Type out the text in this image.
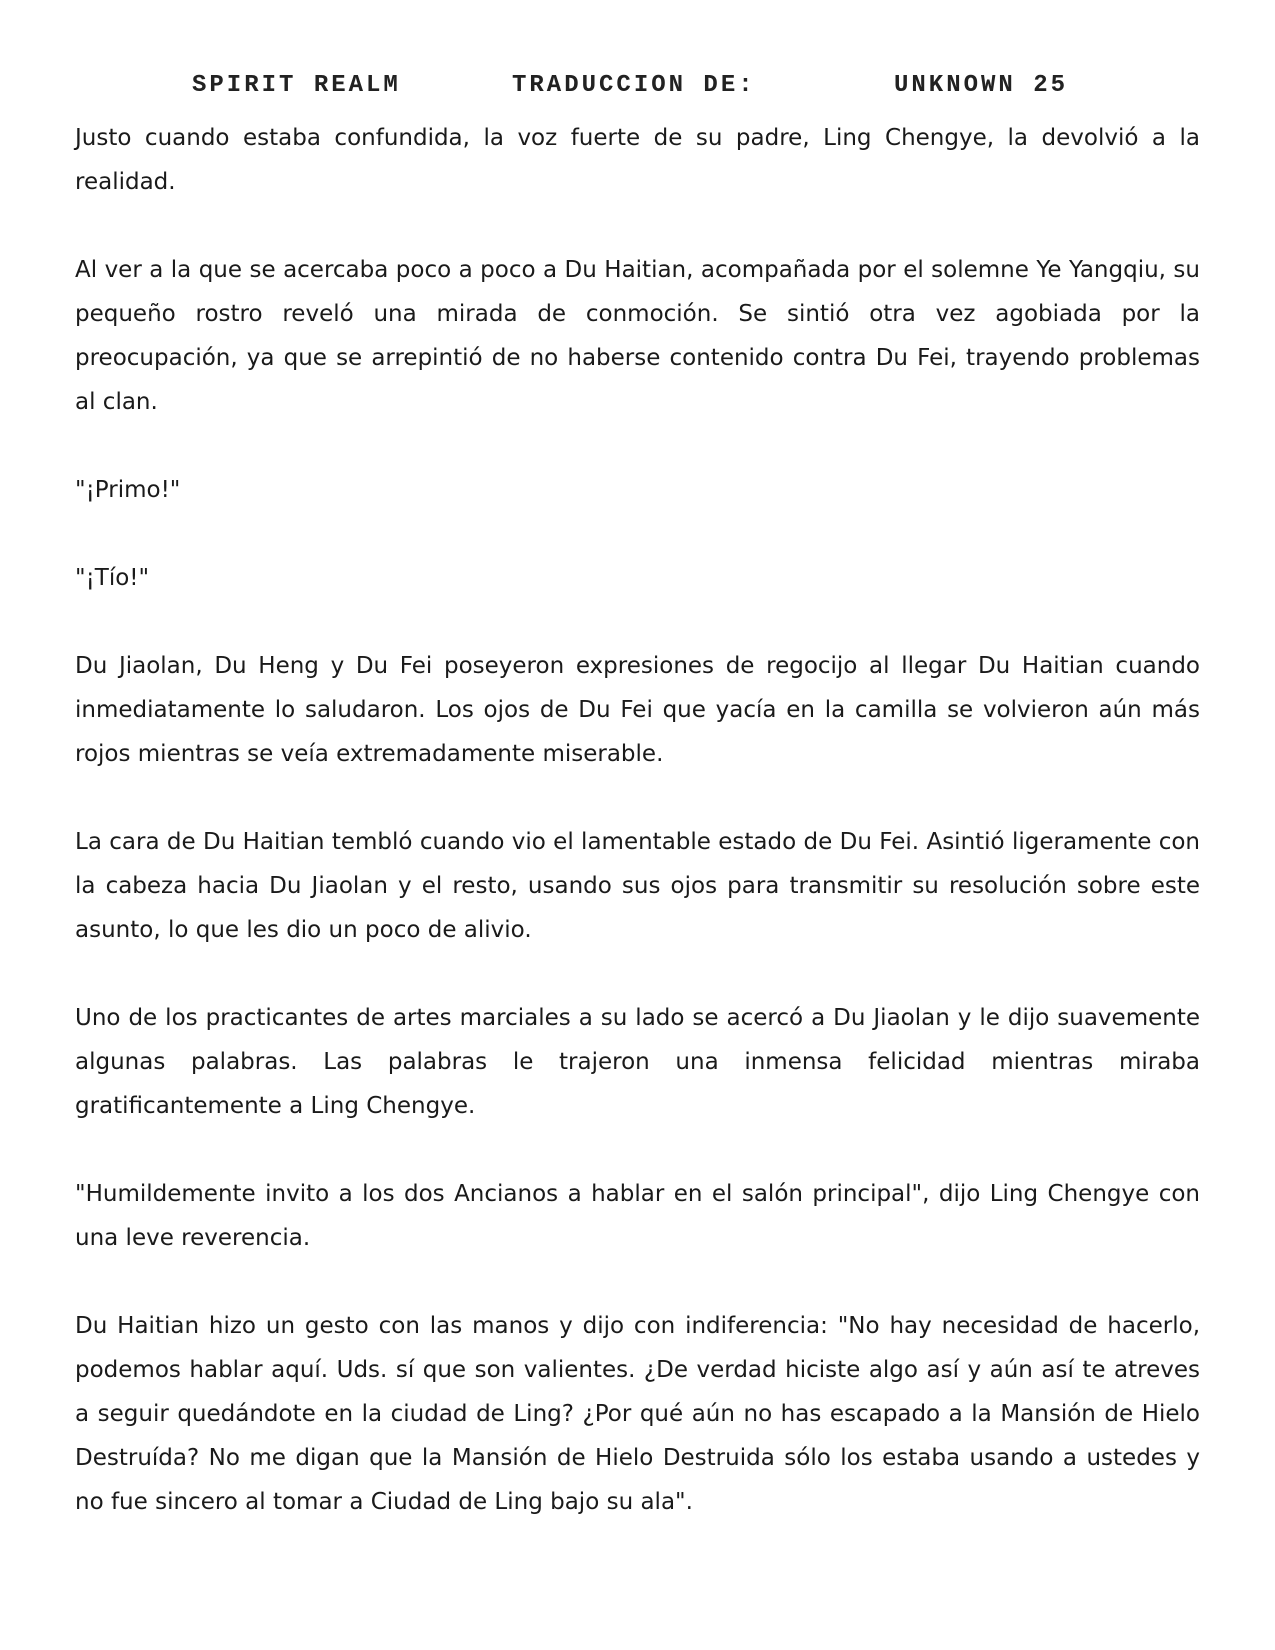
SPIRIT REALM	TRADUCCION DE:	UNKNOWN 25

Justo cuando estaba confundida, la voz fuerte de su padre, Ling Chengye, la devolvió a la realidad.

Al ver a la que se acercaba poco a poco a Du Haitian, acompañada por el solemne Ye Yangqiu, su pequeño rostro reveló una mirada de conmoción. Se sintió otra vez agobiada por la preocupación, ya que se arrepintió de no haberse contenido contra Du Fei, trayendo problemas al clan.

"¡Primo!"

"¡Tío!"

Du Jiaolan, Du Heng y Du Fei poseyeron expresiones de regocijo al llegar Du Haitian cuando inmediatamente lo saludaron. Los ojos de Du Fei que yacía en la camilla se volvieron aún más rojos mientras se veía extremadamente miserable.

La cara de Du Haitian tembló cuando vio el lamentable estado de Du Fei. Asintió ligeramente con la cabeza hacia Du Jiaolan y el resto, usando sus ojos para transmitir su resolución sobre este asunto, lo que les dio un poco de alivio.

Uno de los practicantes de artes marciales a su lado se acercó a Du Jiaolan y le dijo suavemente algunas palabras. Las palabras le trajeron una inmensa felicidad mientras miraba gratificantemente a Ling Chengye.

"Humildemente invito a los dos Ancianos a hablar en el salón principal", dijo Ling Chengye con una leve reverencia.

Du Haitian hizo un gesto con las manos y dijo con indiferencia: "No hay necesidad de hacerlo, podemos hablar aquí. Uds. sí que son valientes. ¿De verdad hiciste algo así y aún así te atreves a seguir quedándote en la ciudad de Ling? ¿Por qué aún no has escapado a la Mansión de Hielo Destruída? No me digan que la Mansión de Hielo Destruida sólo los estaba usando a ustedes y no fue sincero al tomar a Ciudad de Ling bajo su ala".
